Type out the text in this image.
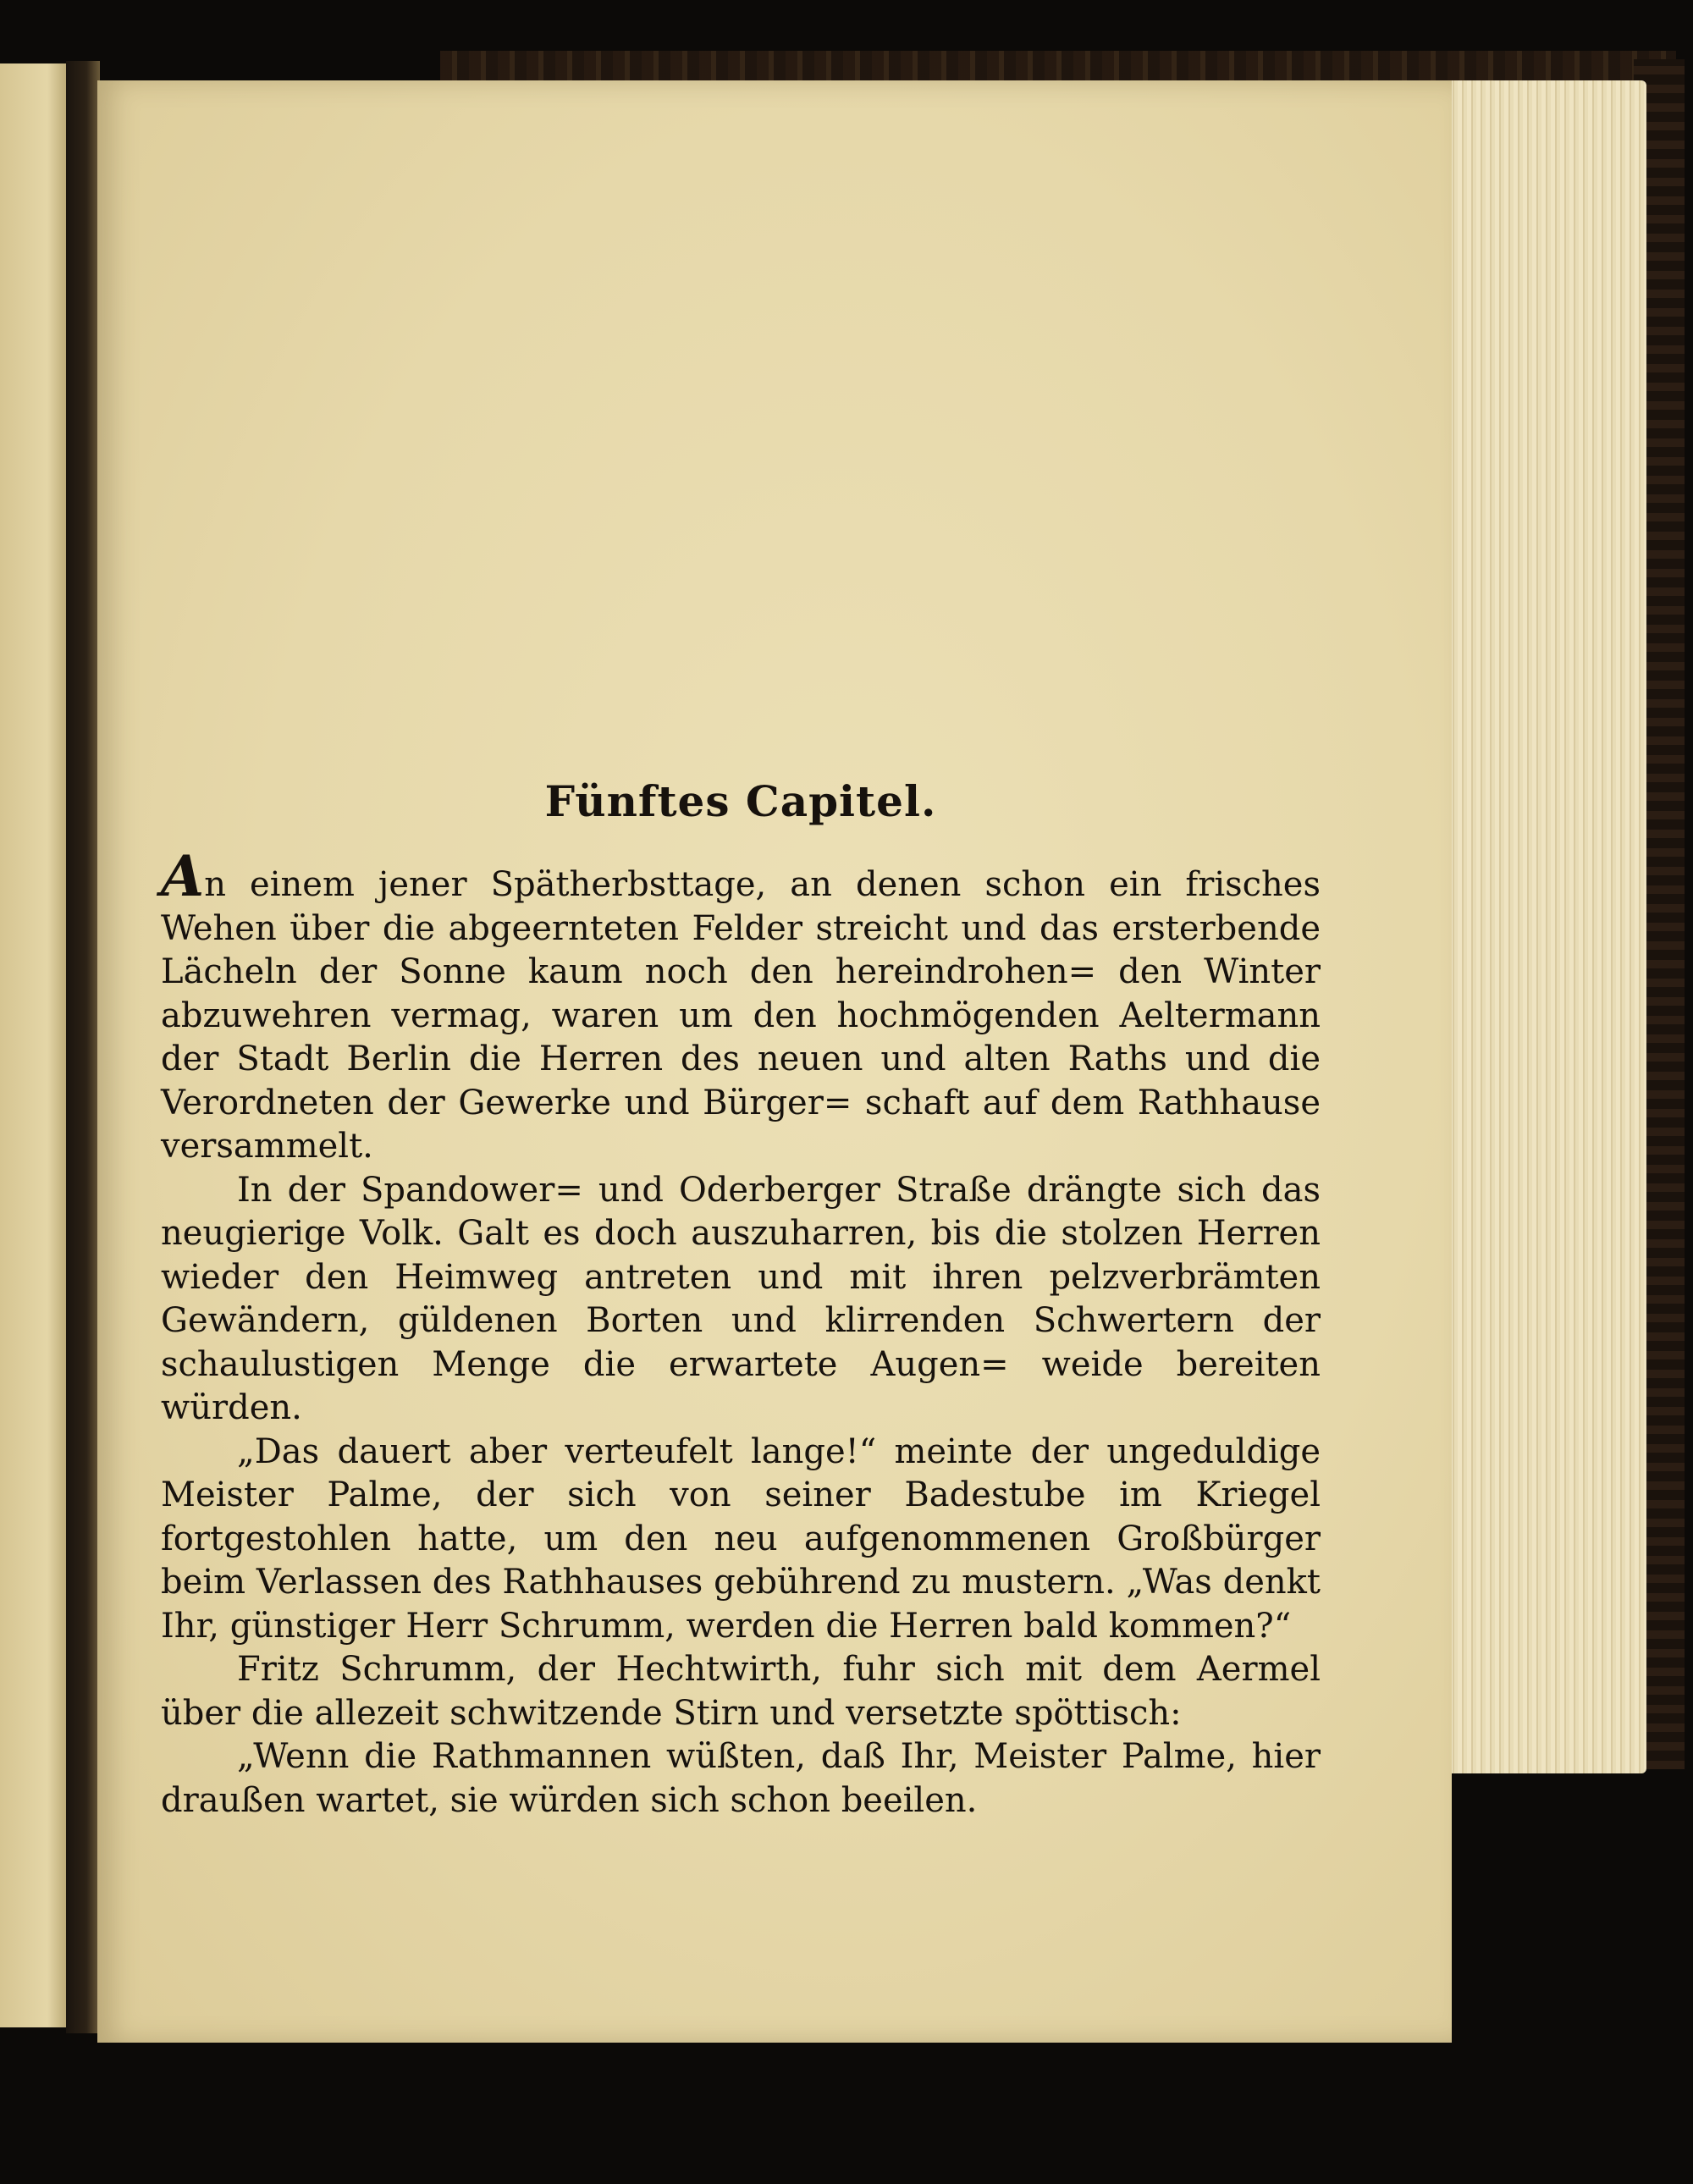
Fünftes Capitel.

An einem jener Spätherbsttage, an denen schon ein frisches Wehen über die abgeernteten Felder streicht und das ersterbende Lächeln der Sonne kaum noch den hereindrohen= den Winter abzuwehren vermag, waren um den hochmögenden Aeltermann der Stadt Berlin die Herren des neuen und alten Raths und die Verordneten der Gewerke und Bürger= schaft auf dem Rathhause versammelt.

In der Spandower= und Oderberger Straße drängte sich das neugierige Volk. Galt es doch auszuharren, bis die stolzen Herren wieder den Heimweg antreten und mit ihren pelzverbrämten Gewändern, güldenen Borten und klirrenden Schwertern der schaulustigen Menge die erwartete Augen= weide bereiten würden.

„Das dauert aber verteufelt lange!“ meinte der ungeduldige Meister Palme, der sich von seiner Badestube im Kriegel fortgestohlen hatte, um den neu aufgenommenen Großbürger beim Verlassen des Rathhauses gebührend zu mustern. „Was denkt Ihr, günstiger Herr Schrumm, werden die Herren bald kommen?“

Fritz Schrumm, der Hechtwirth, fuhr sich mit dem Aermel über die allezeit schwitzende Stirn und versetzte spöttisch:

„Wenn die Rathmannen wüßten, daß Ihr, Meister Palme, hier draußen wartet, sie würden sich schon beeilen.
